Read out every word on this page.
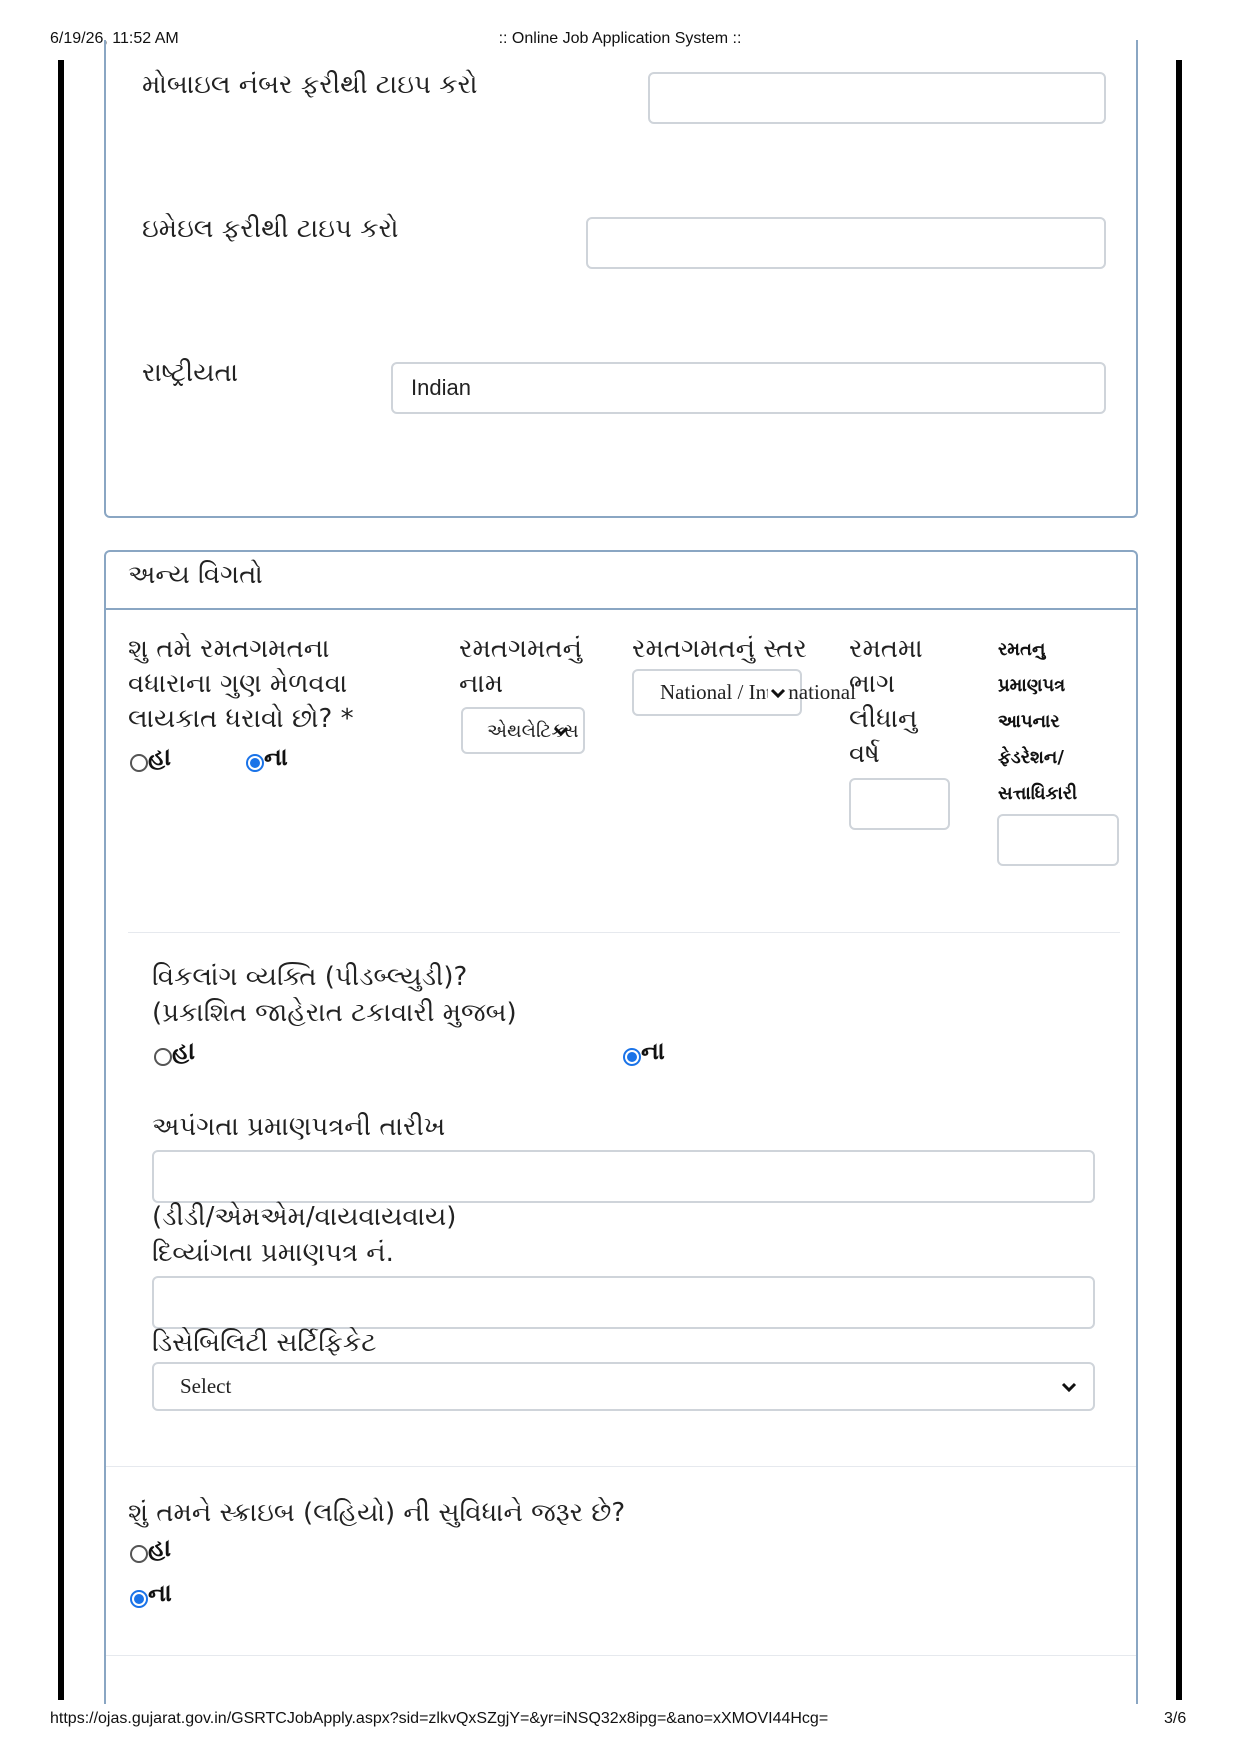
6/19/26, 11:52 AM	:: Online Job Application System ::
મોબાઇલ નંબર ફરીથી ટાઇપ કરો
ઇમેઇલ ફરીથી ટાઇપ કરો
રાષ્ટ્રીયતા	Indian
અન્ય વિગતો
શુ તમે રમતગમતના વધારાના ગુણ મેળવવા લાયકાત ધરાવો છો? *
હા	ના
રમતગમતનું નામ
એથલેટિક્સ
રમતગમતનું સ્તર
National / International
રમતમા ભાગ લીધાનુ વર્ષ
રમતનુ પ્રમાણપત્ર આપનાર ફેડરેશન/સત્તાધિકારી
વિકલાંગ વ્યક્તિ (પીડબ્લ્યુડી)?
(પ્રકાશિત જાહેરાત ટકાવારી મુજબ)
હા	ના
અપંગતા પ્રમાણપત્રની તારીખ
(ડીડી/એમએમ/વાયવાયવાય)
દિવ્યાંગતા પ્રમાણપત્ર નં.
ડિસેબિલિટી સર્ટિફિકેટ
Select
શું તમને સ્ક્રાઇબ (લહિયો) ની સુવિધાને જરૂર છે?
હા
ના
https://ojas.gujarat.gov.in/GSRTCJobApply.aspx?sid=zlkvQxSZgjY=&yr=iNSQ32x8ipg=&ano=xXMOVI44Hcg=	3/6
